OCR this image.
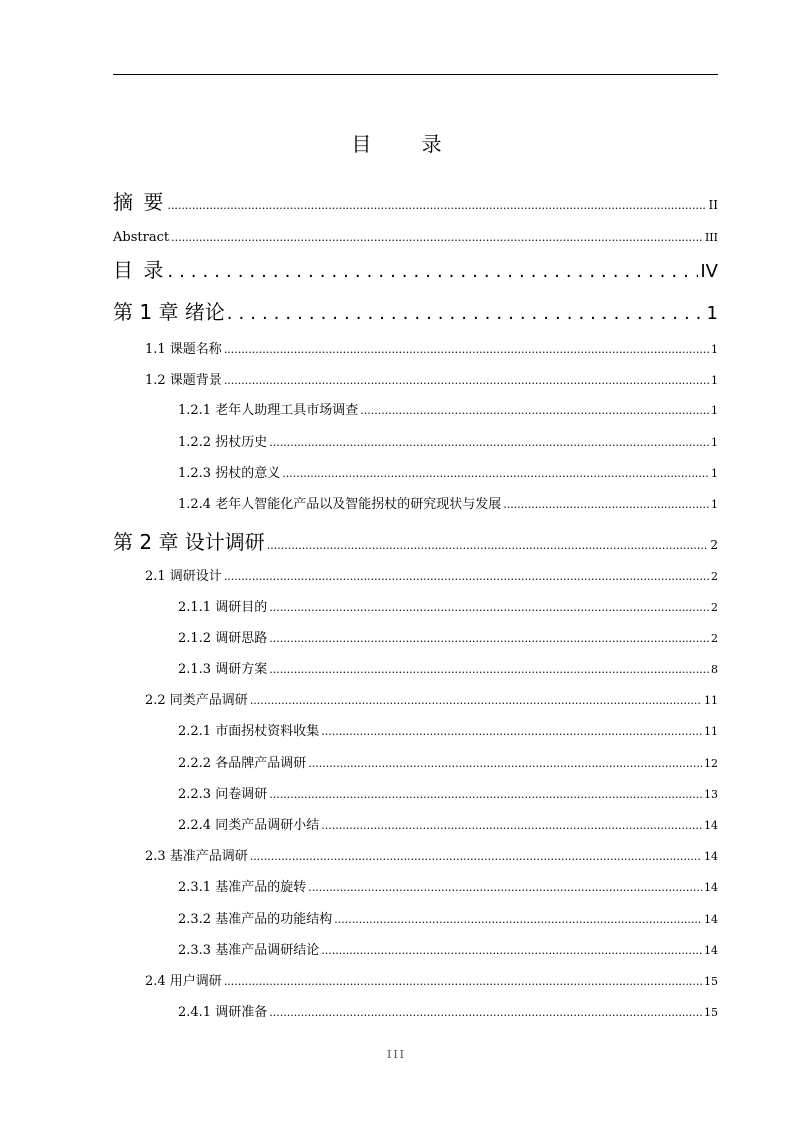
目 录
摘 要 .....	II
Abstract .....	III
目 录 .....	IV
第 1 章 绪论 .....	1
1.1 课题名称 .....	1
1.2 课题背景 .....	1
1.2.1 老年人助理工具市场调查 .....	1
1.2.2 拐杖历史 .....	1
1.2.3 拐杖的意义 .....	1
1.2.4 老年人智能化产品以及智能拐杖的研究现状与发展 .....	1
第 2 章 设计调研 .....	2
2.1 调研设计 .....	2
2.1.1 调研目的 .....	2
2.1.2 调研思路 .....	2
2.1.3 调研方案 .....	8
2.2 同类产品调研 .....	11
2.2.1 市面拐杖资料收集 .....	11
2.2.2 各品牌产品调研 .....	12
2.2.3 问卷调研 .....	13
2.2.4 同类产品调研小结 .....	14
2.3 基准产品调研 .....	14
2.3.1 基准产品的旋转 .....	14
2.3.2 基准产品的功能结构 .....	14
2.3.3 基准产品调研结论 .....	14
2.4 用户调研 .....	15
2.4.1 调研准备 .....	15
III
